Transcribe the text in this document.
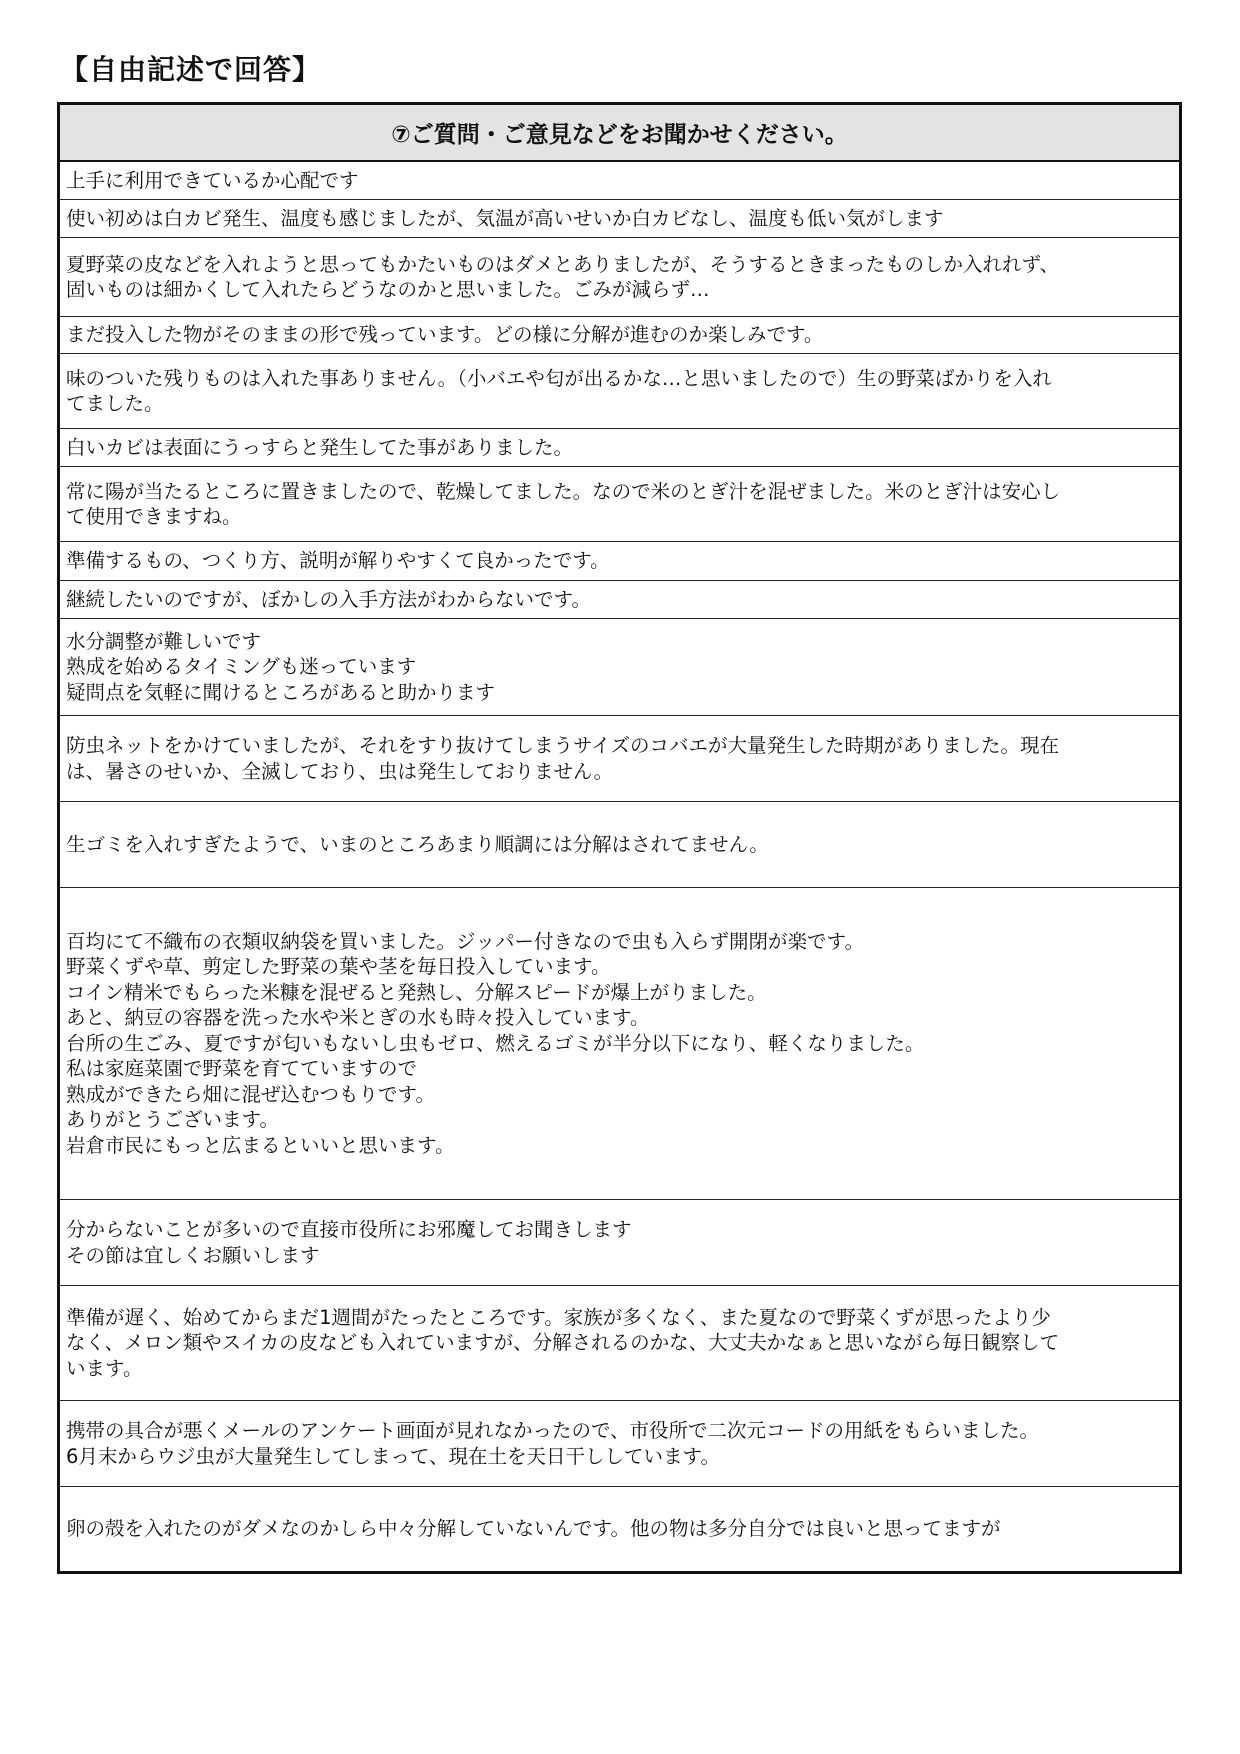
【自由記述で回答】
⑦ご質問・ご意見などをお聞かせください。
上手に利用できているか心配です
使い初めは白カビ発生、温度も感じましたが、気温が高いせいか白カビなし、温度も低い気がします
夏野菜の皮などを入れようと思ってもかたいものはダメとありましたが、そうするときまったものしか入れれず、
固いものは細かくして入れたらどうなのかと思いました。ごみが減らず…
まだ投入した物がそのままの形で残っています。どの様に分解が進むのか楽しみです。
味のついた残りものは入れた事ありません。（小バエや匂が出るかな…と思いましたので）生の野菜ばかりを入れ
てました。
白いカビは表面にうっすらと発生してた事がありました。
常に陽が当たるところに置きましたので、乾燥してました。なので米のとぎ汁を混ぜました。米のとぎ汁は安心し
て使用できますね。
準備するもの、つくり方、説明が解りやすくて良かったです。
継続したいのですが、ぼかしの入手方法がわからないです。
水分調整が難しいです
熟成を始めるタイミングも迷っています
疑問点を気軽に聞けるところがあると助かります
防虫ネットをかけていましたが、それをすり抜けてしまうサイズのコバエが大量発生した時期がありました。現在
は、暑さのせいか、全滅しており、虫は発生しておりません。
生ゴミを入れすぎたようで、いまのところあまり順調には分解はされてません。
百均にて不織布の衣類収納袋を買いました。ジッパー付きなので虫も入らず開閉が楽です。
野菜くずや草、剪定した野菜の葉や茎を毎日投入しています。
コイン精米でもらった米糠を混ぜると発熱し、分解スピードが爆上がりました。
あと、納豆の容器を洗った水や米とぎの水も時々投入しています。
台所の生ごみ、夏ですが匂いもないし虫もゼロ、燃えるゴミが半分以下になり、軽くなりました。
私は家庭菜園で野菜を育てていますので
熟成ができたら畑に混ぜ込むつもりです。
ありがとうございます。
岩倉市民にもっと広まるといいと思います。
分からないことが多いので直接市役所にお邪魔してお聞きします
その節は宜しくお願いします
準備が遅く、始めてからまだ1週間がたったところです。家族が多くなく、また夏なので野菜くずが思ったより少
なく、メロン類やスイカの皮なども入れていますが、分解されるのかな、大丈夫かなぁと思いながら毎日観察して
います。
携帯の具合が悪くメールのアンケート画面が見れなかったので、市役所で二次元コードの用紙をもらいました。
6月末からウジ虫が大量発生してしまって、現在土を天日干ししています。
卵の殻を入れたのがダメなのかしら中々分解していないんです。他の物は多分自分では良いと思ってますが
